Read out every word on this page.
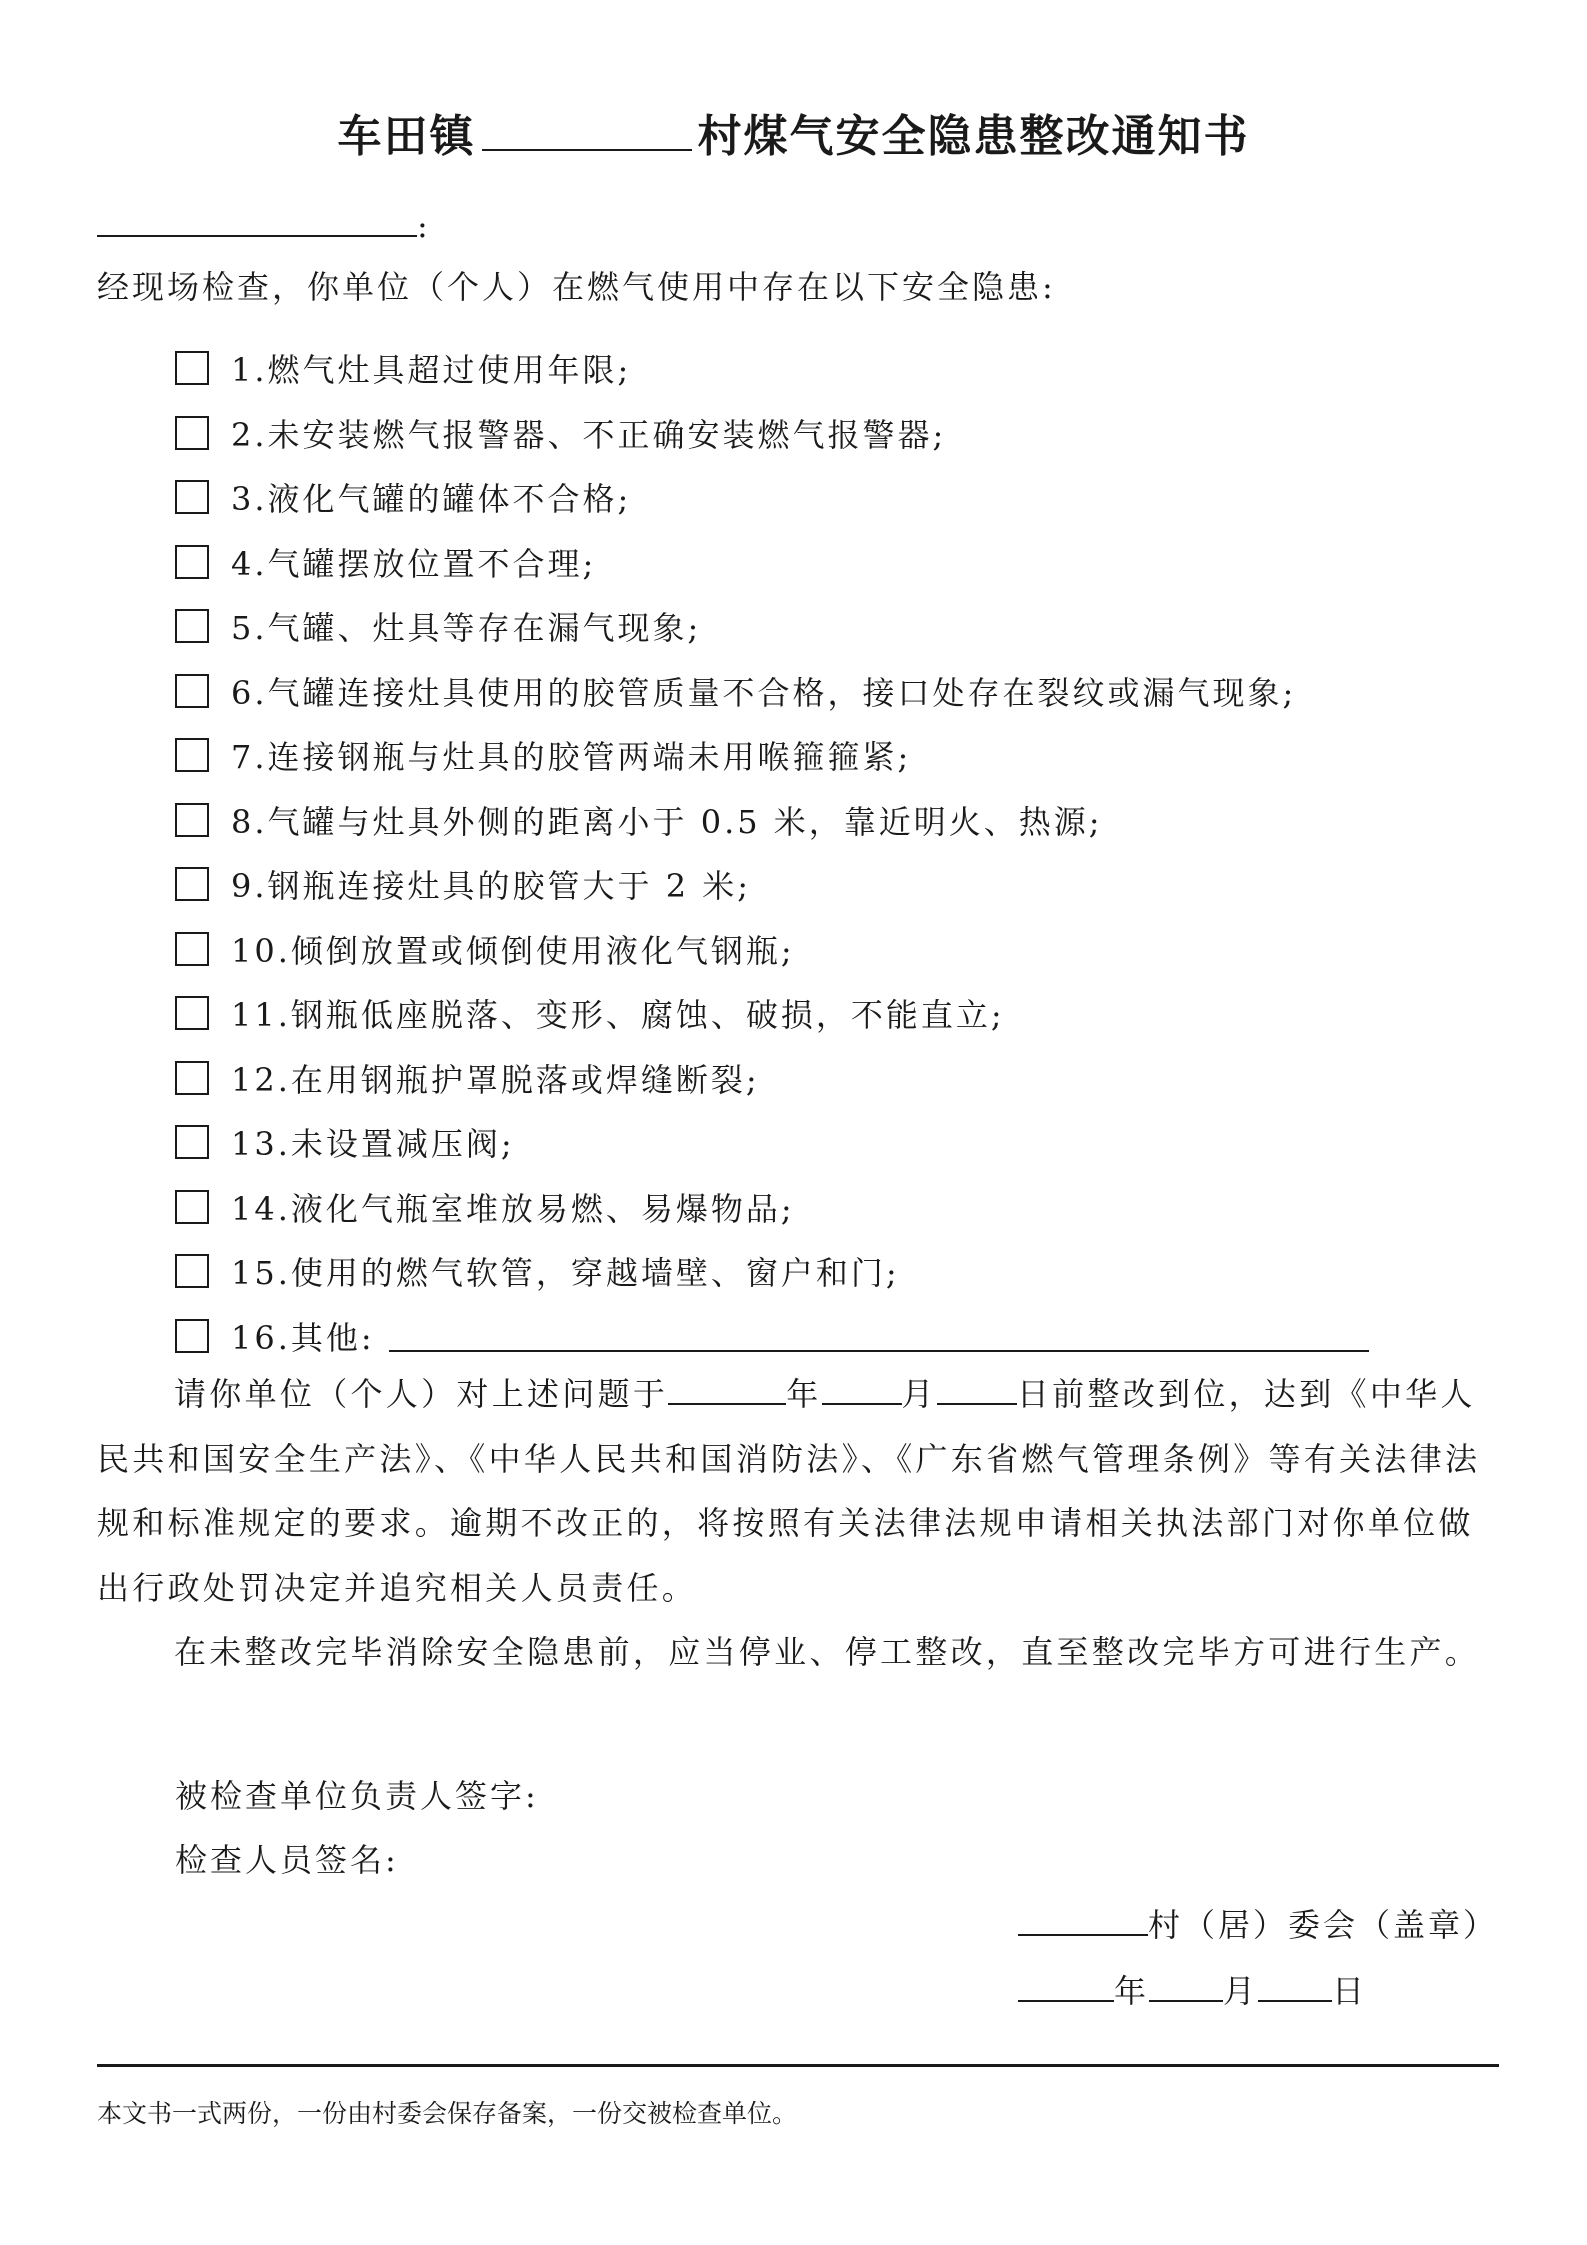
车田镇	村煤气安全隐患整改通知书
:
经现场检查，你单位（个人）在燃气使用中存在以下安全隐患:
1.燃气灶具超过使用年限;
2.未安装燃气报警器、不正确安装燃气报警器;
3.液化气罐的罐体不合格;
4.气罐摆放位置不合理;
5.气罐、灶具等存在漏气现象;
6.气罐连接灶具使用的胶管质量不合格，接口处存在裂纹或漏气现象;
7.连接钢瓶与灶具的胶管两端未用喉箍箍紧;
8.气罐与灶具外侧的距离小于 0.5 米，靠近明火、热源;
9.钢瓶连接灶具的胶管大于 2 米;
10.倾倒放置或倾倒使用液化气钢瓶;
11.钢瓶低座脱落、变形、腐蚀、破损，不能直立;
12.在用钢瓶护罩脱落或焊缝断裂;
13.未设置减压阀;
14.液化气瓶室堆放易燃、易爆物品;
15.使用的燃气软管，穿越墙壁、窗户和门;
16.其他:

请你单位（个人）对上述问题于	年	月	日前整改到位，达到《中华人民共和国安全生产法》、《中华人民共和国消防法》、《广东省燃气管理条例》等有关法律法规和标准规定的要求。逾期不改正的，将按照有关法律法规申请相关执法部门对你单位做出行政处罚决定并追究相关人员责任。

在未整改完毕消除安全隐患前，应当停业、停工整改，直至整改完毕方可进行生产。

被检查单位负责人签字:
检查人员签名:
村（居）委会（盖章）
年 月 日
本文书一式两份，一份由村委会保存备案，一份交被检查单位。
